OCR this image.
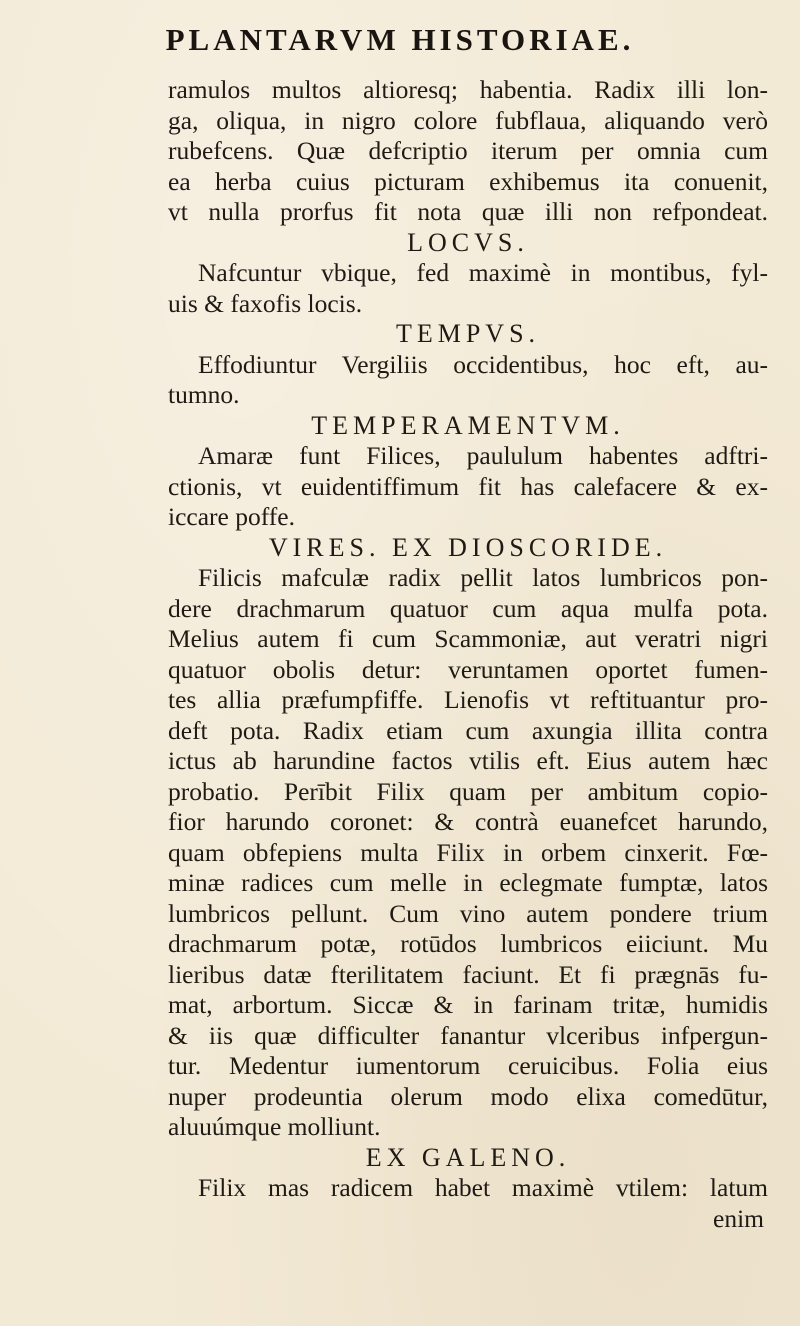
PLANTARVM HISTORIAE.
ramulos multos altioresq; habentia. Radix illi lon-
ga, oliqua, in nigro colore fubflaua, aliquando verò
rubefcens. Quæ defcriptio iterum per omnia cum
ea herba cuius picturam exhibemus ita conuenit,
vt nulla prorfus fit nota quæ illi non refpondeat.
LOCVS.
Nafcuntur vbique, fed maximè in montibus, fyl-
uis & faxofis locis.
TEMPVS.
Effodiuntur Vergiliis occidentibus, hoc eft, au-
tumno.
TEMPERAMENTVM.
Amaræ funt Filices, paululum habentes adftri-
ctionis, vt euidentiffimum fit has calefacere & ex-
iccare poffe.
VIRES. EX DIOSCORIDE.
Filicis mafculæ radix pellit latos lumbricos pon-
dere drachmarum quatuor cum aqua mulfa pota.
Melius autem fi cum Scammoniæ, aut veratri nigri
quatuor obolis detur: veruntamen oportet fumen-
tes allia præfumpfiffe. Lienofis vt reftituantur pro-
deft pota. Radix etiam cum axungia illita contra
ictus ab harundine factos vtilis eft. Eius autem hæc
probatio. Perībit Filix quam per ambitum copio-
fior harundo coronet: & contrà euanefcet harundo,
quam obfepiens multa Filix in orbem cinxerit. Fœ-
minæ radices cum melle in eclegmate fumptæ, latos
lumbricos pellunt. Cum vino autem pondere trium
drachmarum potæ, rotūdos lumbricos eiiciunt. Mu
lieribus datæ fterilitatem faciunt. Et fi prægnās fu-
mat, arbortum. Siccæ & in farinam tritæ, humidis
& iis quæ difficulter fanantur vlceribus infpergun-
tur. Medentur iumentorum ceruicibus. Folia eius
nuper prodeuntia olerum modo elixa comedūtur,
aluuúmque molliunt.
EX GALENO.
Filix mas radicem habet maximè vtilem: latum
enim
